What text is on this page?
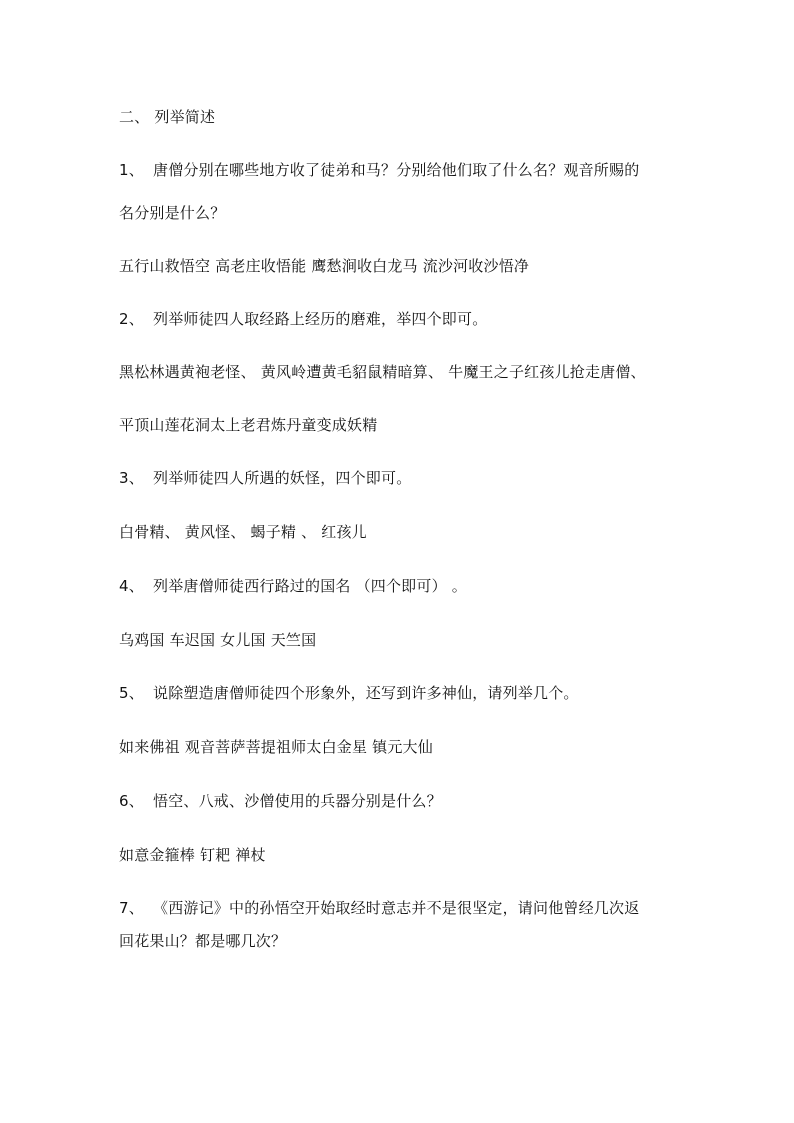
二、 列举简述
1、 唐僧分别在哪些地方收了徒弟和马？分别给他们取了什么名？观音所赐的
名分别是什么？
五行山救悟空 高老庄收悟能 鹰愁涧收白龙马 流沙河收沙悟净
2、 列举师徒四人取经路上经历的磨难，举四个即可。
黑松林遇黄袍老怪、 黄风岭遭黄毛貂鼠精暗算、 牛魔王之子红孩儿抢走唐僧、
平顶山莲花洞太上老君炼丹童变成妖精
3、 列举师徒四人所遇的妖怪，四个即可。
白骨精、 黄风怪、 蝎子精 、 红孩儿
4、 列举唐僧师徒西行路过的国名 （四个即可） 。
乌鸡国 车迟国 女儿国 天竺国
5、 说除塑造唐僧师徒四个形象外，还写到许多神仙，请列举几个。
如来佛祖 观音菩萨菩提祖师太白金星 镇元大仙
6、 悟空、八戒、沙僧使用的兵器分别是什么？
如意金箍棒 钉耙 禅杖
7、 《西游记》中的孙悟空开始取经时意志并不是很坚定，请问他曾经几次返
回花果山？都是哪几次？
